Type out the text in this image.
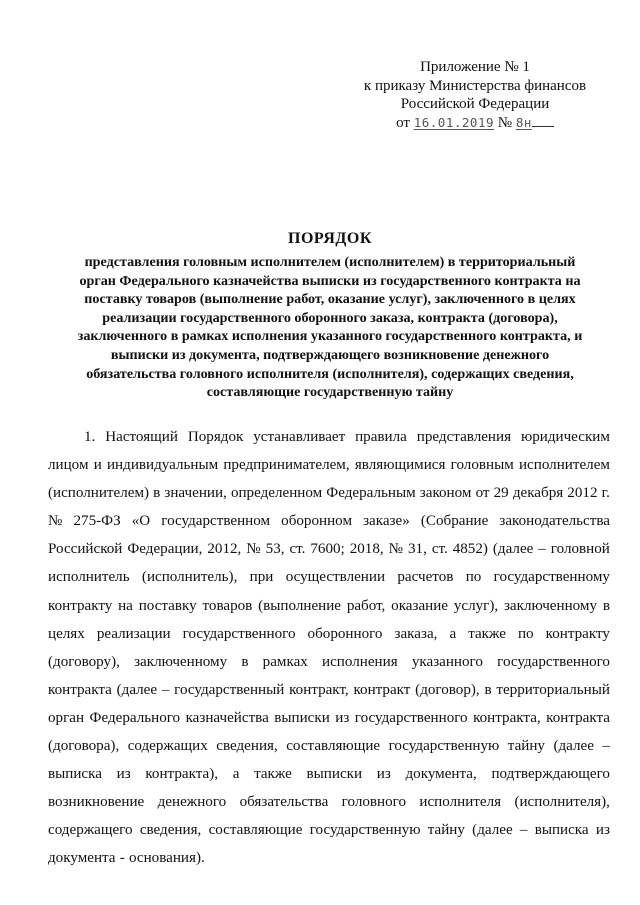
Приложение № 1
к приказу Министерства финансов
Российской Федерации
от 16.01.2019 № 8н
ПОРЯДОК
представления головным исполнителем (исполнителем) в территориальный
орган Федерального казначейства выписки из государственного контракта на
поставку товаров (выполнение работ, оказание услуг), заключенного в целях
реализации государственного оборонного заказа, контракта (договора),
заключенного в рамках исполнения указанного государственного контракта, и
выписки из документа, подтверждающего возникновение денежного
обязательства головного исполнителя (исполнителя), содержащих сведения,
составляющие государственную тайну
1. Настоящий Порядок устанавливает правила представления юридическим
лицом и индивидуальным предпринимателем, являющимися головным исполнителем
(исполнителем) в значении, определенном Федеральным законом от 29 декабря 2012 г.
№ 275-ФЗ «О государственном оборонном заказе» (Собрание законодательства
Российской Федерации, 2012, № 53, ст. 7600; 2018, № 31, ст. 4852) (далее – головной
исполнитель (исполнитель), при осуществлении расчетов по государственному
контракту на поставку товаров (выполнение работ, оказание услуг), заключенному в
целях реализации государственного оборонного заказа, а также по контракту
(договору), заключенному в рамках исполнения указанного государственного
контракта (далее – государственный контракт, контракт (договор), в территориальный
орган Федерального казначейства выписки из государственного контракта, контракта
(договора), содержащих сведения, составляющие государственную тайну (далее –
выписка из контракта), а также выписки из документа, подтверждающего
возникновение денежного обязательства головного исполнителя (исполнителя),
содержащего сведения, составляющие государственную тайну (далее – выписка из
документа - основания).
